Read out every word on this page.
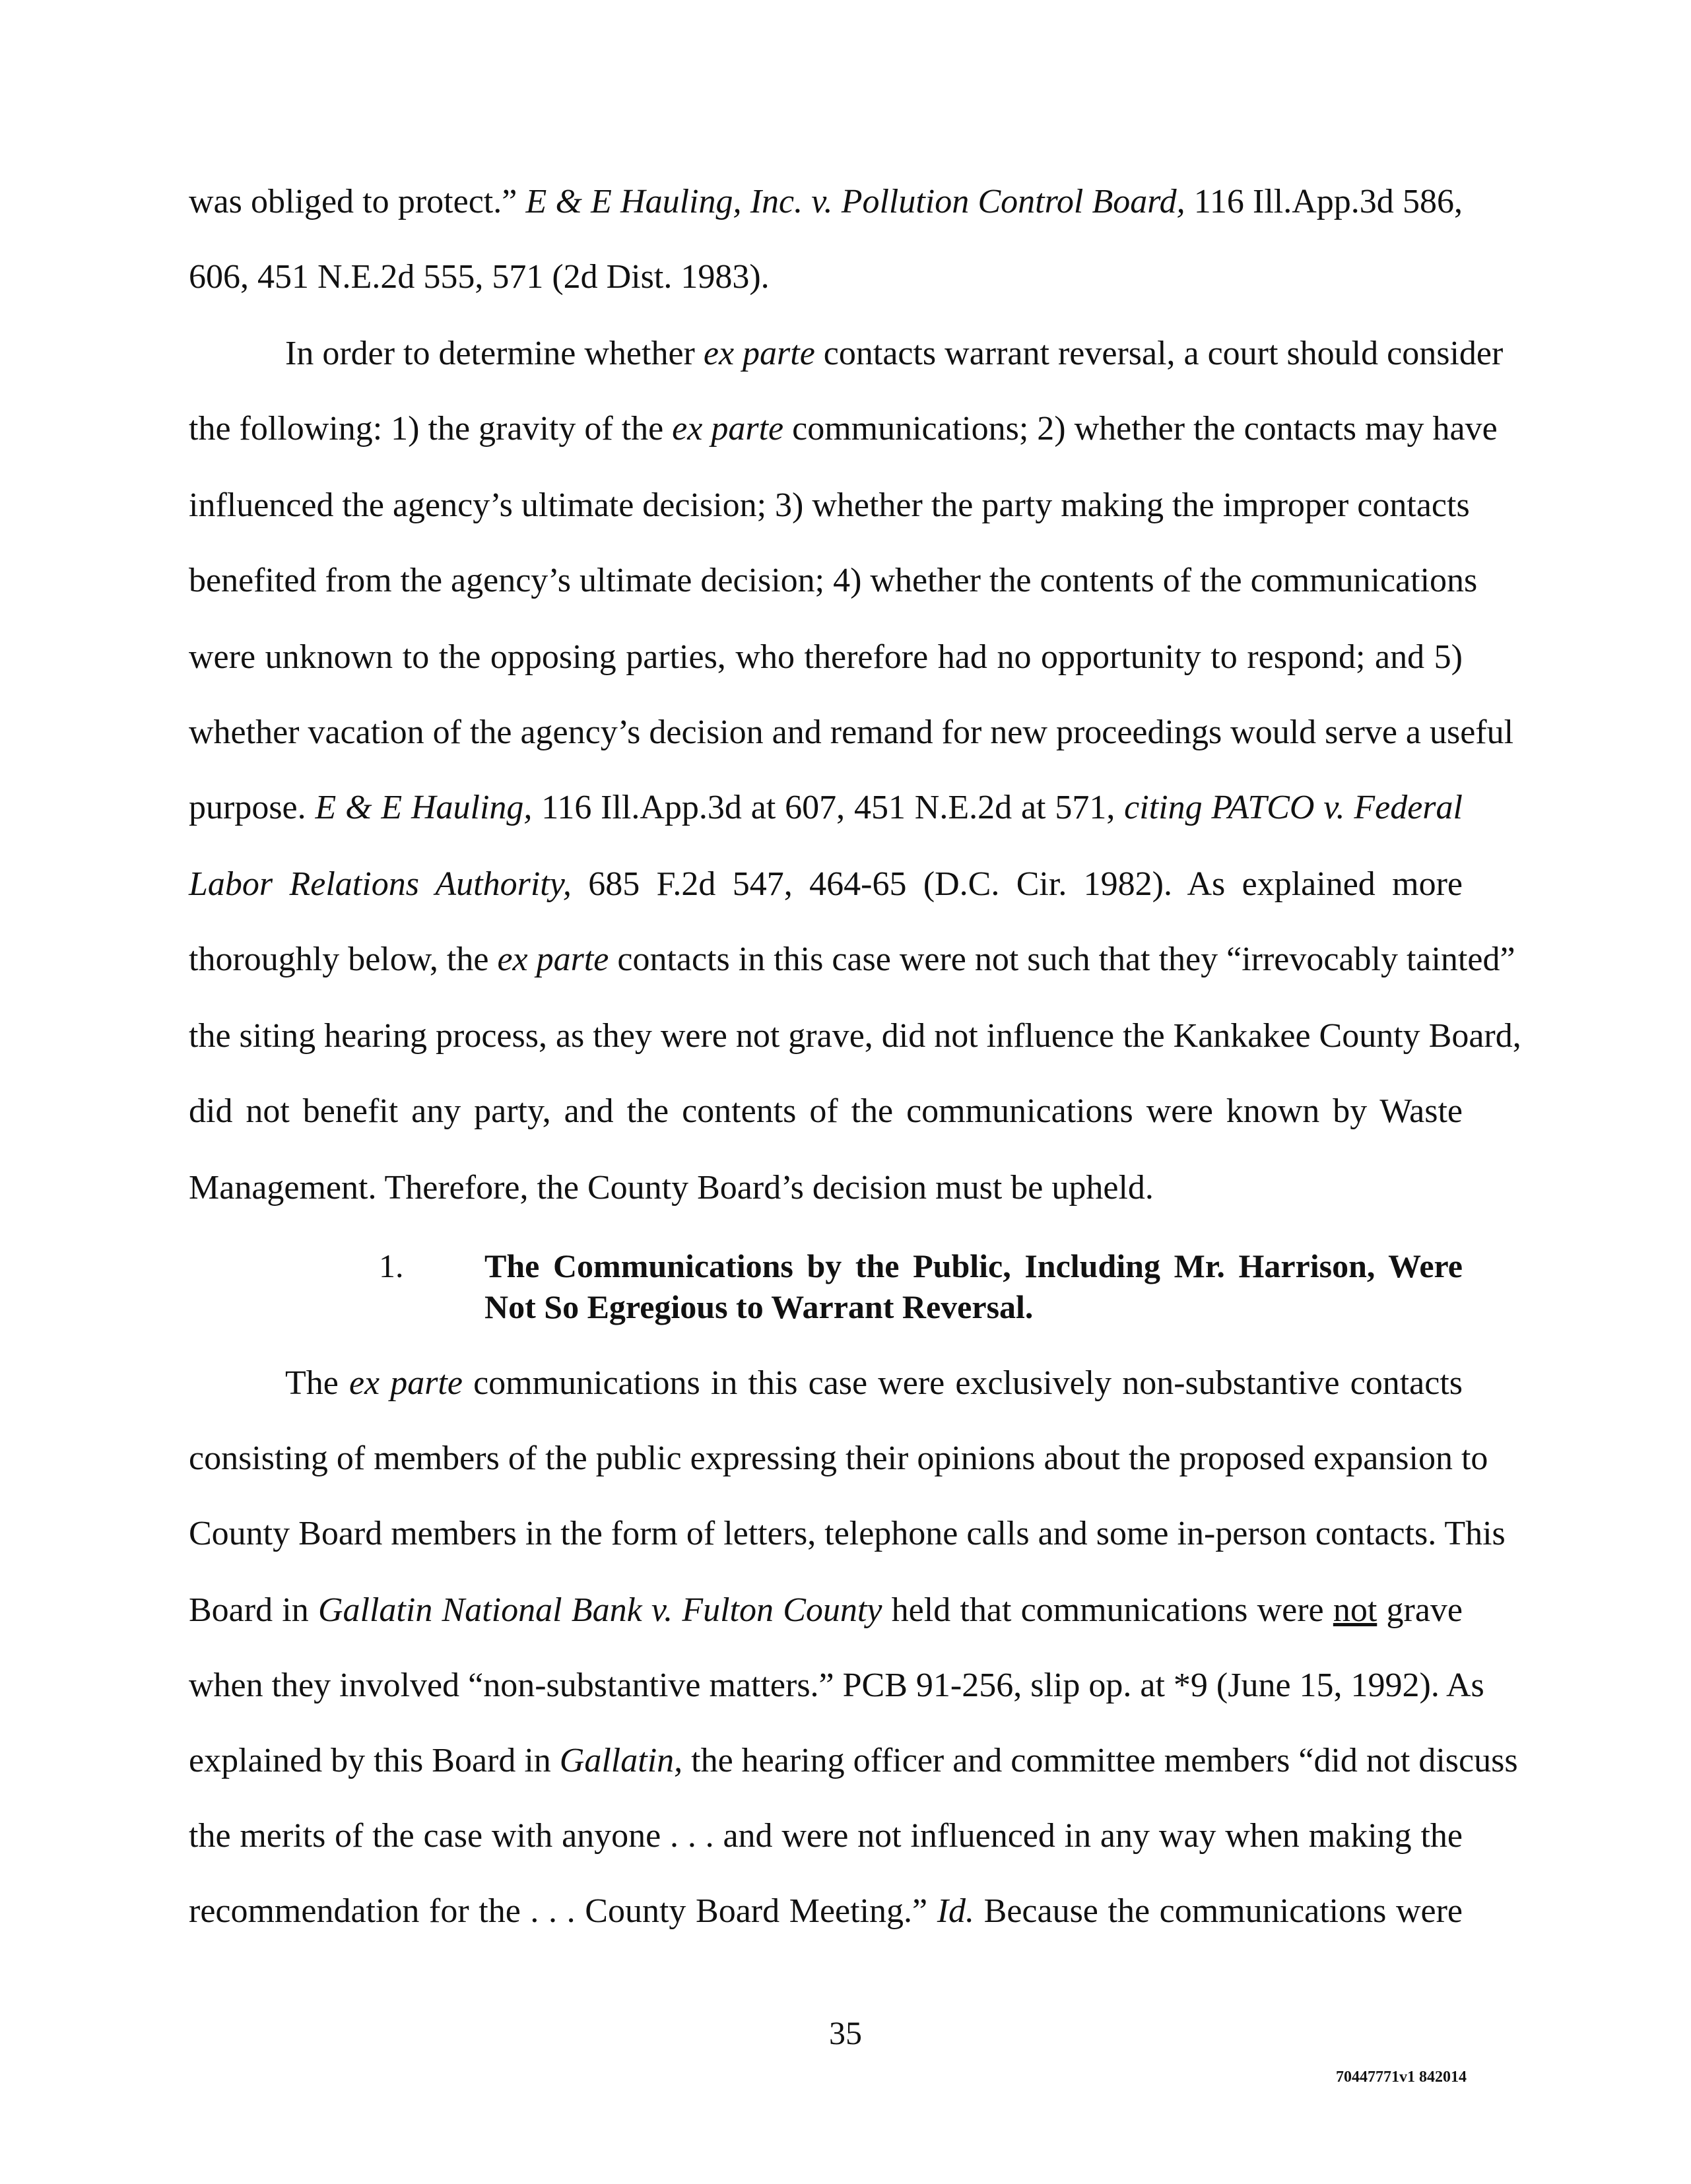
was obliged to protect.” E & E Hauling, Inc. v. Pollution Control Board, 116 Ill.App.3d 586,
606, 451 N.E.2d 555, 571 (2d Dist. 1983).
In order to determine whether ex parte contacts warrant reversal, a court should consider
the following: 1) the gravity of the ex parte communications; 2) whether the contacts may have
influenced the agency’s ultimate decision; 3) whether the party making the improper contacts
benefited from the agency’s ultimate decision; 4) whether the contents of the communications
were unknown to the opposing parties, who therefore had no opportunity to respond; and 5)
whether vacation of the agency’s decision and remand for new proceedings would serve a useful
purpose. E & E Hauling, 116 Ill.App.3d at 607, 451 N.E.2d at 571, citing PATCO v. Federal
Labor Relations Authority, 685 F.2d 547, 464-65 (D.C. Cir. 1982). As explained more
thoroughly below, the ex parte contacts in this case were not such that they “irrevocably tainted”
the siting hearing process, as they were not grave, did not influence the Kankakee County Board,
did not benefit any party, and the contents of the communications were known by Waste
Management. Therefore, the County Board’s decision must be upheld.
1. The Communications by the Public, Including Mr. Harrison, Were
Not So Egregious to Warrant Reversal.
The ex parte communications in this case were exclusively non-substantive contacts
consisting of members of the public expressing their opinions about the proposed expansion to
County Board members in the form of letters, telephone calls and some in-person contacts. This
Board in Gallatin National Bank v. Fulton County held that communications were not grave
when they involved “non-substantive matters.” PCB 91-256, slip op. at *9 (June 15, 1992). As
explained by this Board in Gallatin, the hearing officer and committee members “did not discuss
the merits of the case with anyone . . . and were not influenced in any way when making the
recommendation for the . . . County Board Meeting.” Id. Because the communications were
35
70447771v1 842014
